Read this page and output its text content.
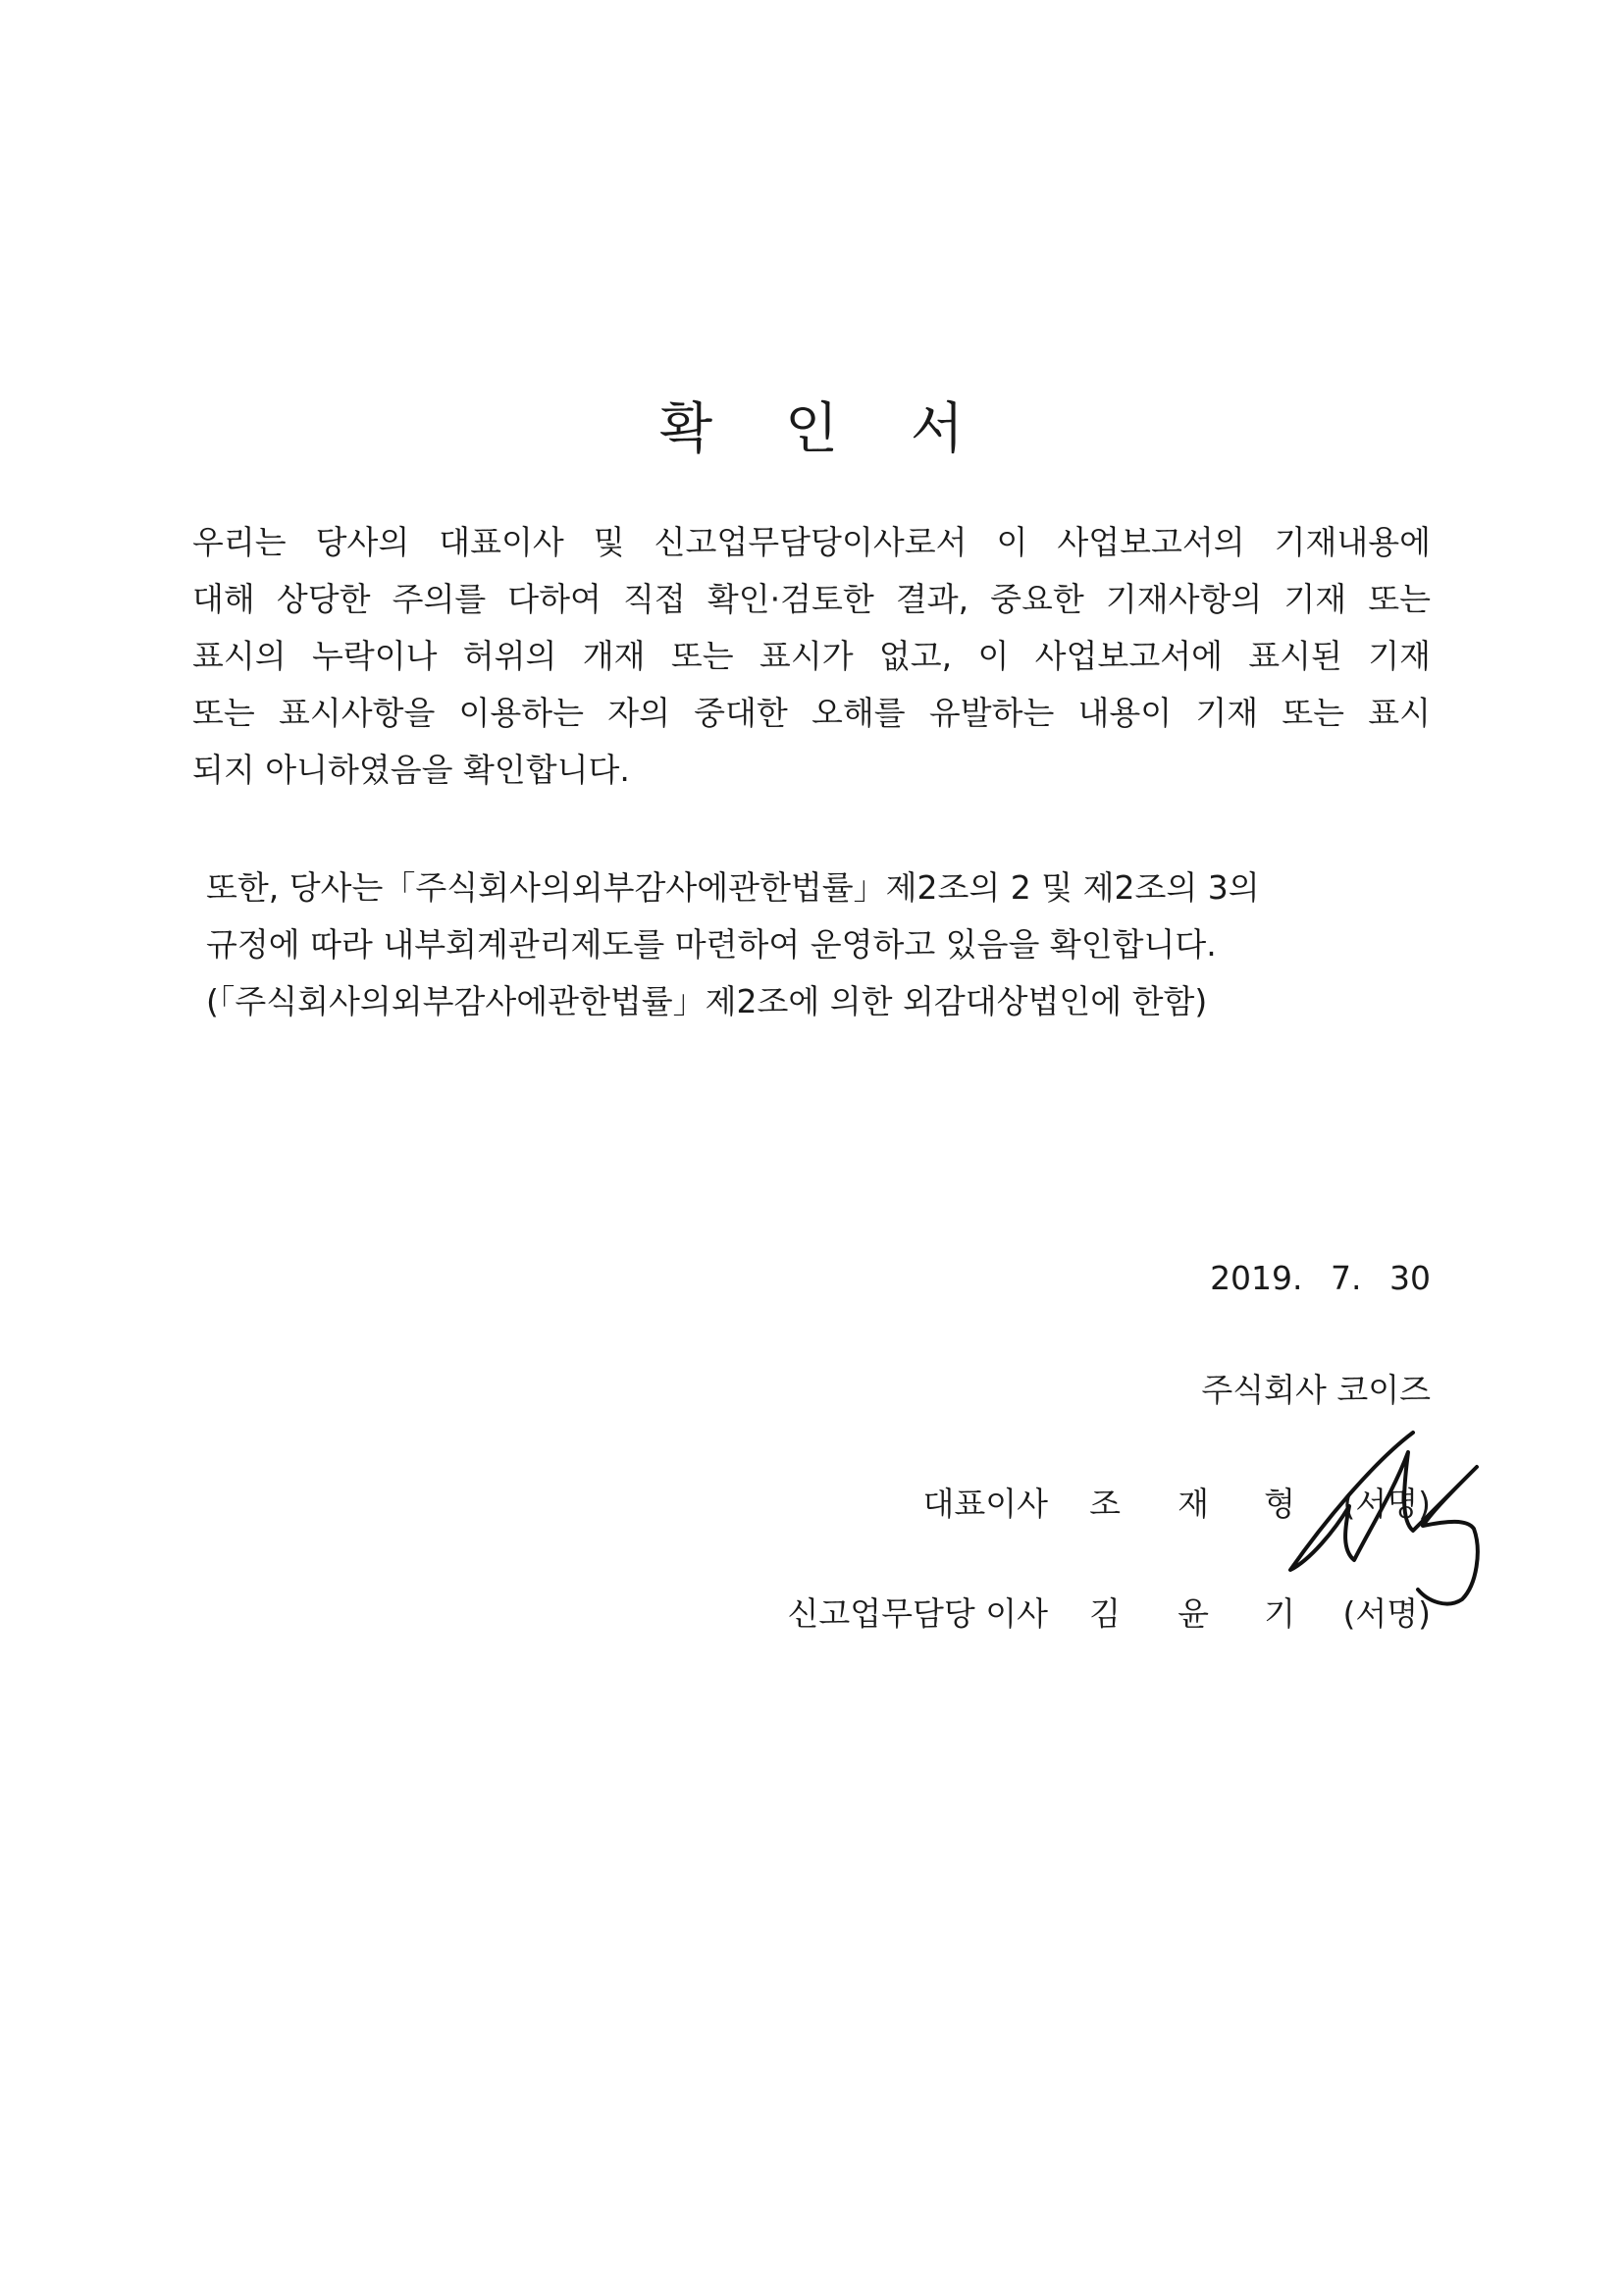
확 인 서
우리는 당사의 대표이사 및 신고업무담당이사로서 이 사업보고서의 기재내용에
대해 상당한 주의를 다하여 직접 확인·검토한 결과, 중요한 기재사항의 기재 또는
표시의 누락이나 허위의 개재 또는 표시가 없고, 이 사업보고서에 표시된 기재
또는 표시사항을 이용하는 자의 중대한 오해를 유발하는 내용이 기재 또는 표시
되지 아니하였음을 확인합니다.
또한, 당사는「주식회사의외부감사에관한법률」제2조의 2 및 제2조의 3의
규정에 따라 내부회계관리제도를 마련하여 운영하고 있음을 확인합니다.
(「주식회사의외부감사에관한법률」제2조에 의한 외감대상법인에 한함)
2019. 7. 30
주식회사 코이즈
대표이사 조 재 형 (서명)
신고업무담당 이사 김 윤 기 (서명)
